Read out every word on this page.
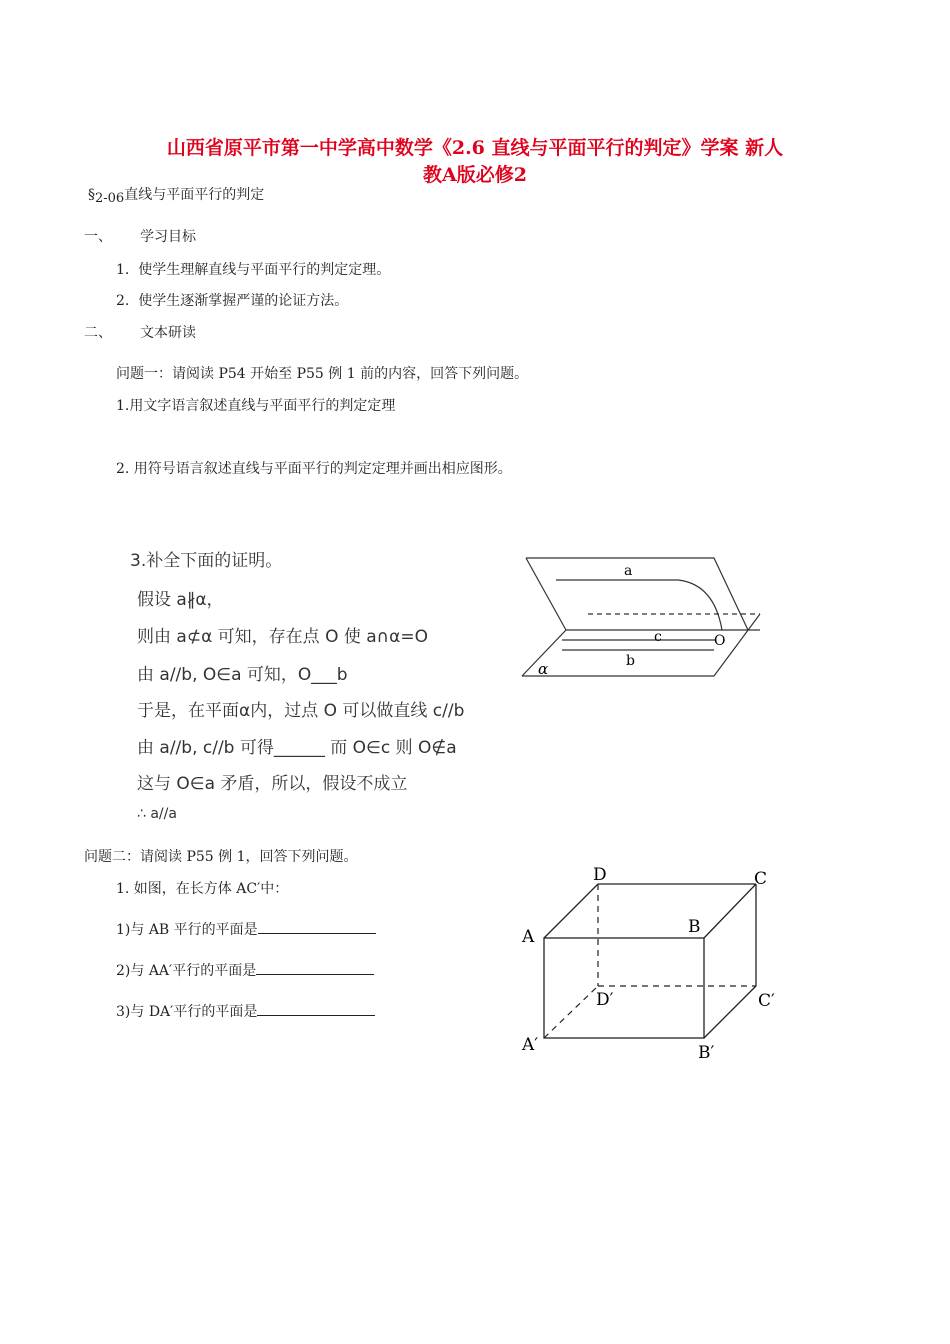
山西省原平市第一中学高中数学《2.6 直线与平面平行的判定》学案 新人
教A版必修2
§2-06直线与平面平行的判定
一、 学习目标
1. 使学生理解直线与平面平行的判定定理。
2. 使学生逐渐掌握严谨的论证方法。
二、 文本研读
问题一：请阅读 P54 开始至 P55 例 1 前的内容，回答下列问题。
1.用文字语言叙述直线与平面平行的判定定理
2. 用符号语言叙述直线与平面平行的判定定理并画出相应图形。
3.补全下面的证明。
假设 a∦α，
则由 a⊄α 可知，存在点 O 使 a∩α=O
由 a//b, O∈a 可知，O___b
于是，在平面α内，过点 O 可以做直线 c//b
由 a//b, c//b 可得______ 而 O∈c 则 O∉a
这与 O∈a 矛盾，所以，假设不成立
∴ a//a
a
c
b
O
α
问题二：请阅读 P55 例 1，回答下列问题。
1. 如图，在长方体 AC′中：
1)与 AB 平行的平面是
2)与 AA′平行的平面是
3)与 DA′平行的平面是
A	B
C
D
A′	B′
C′
D′
